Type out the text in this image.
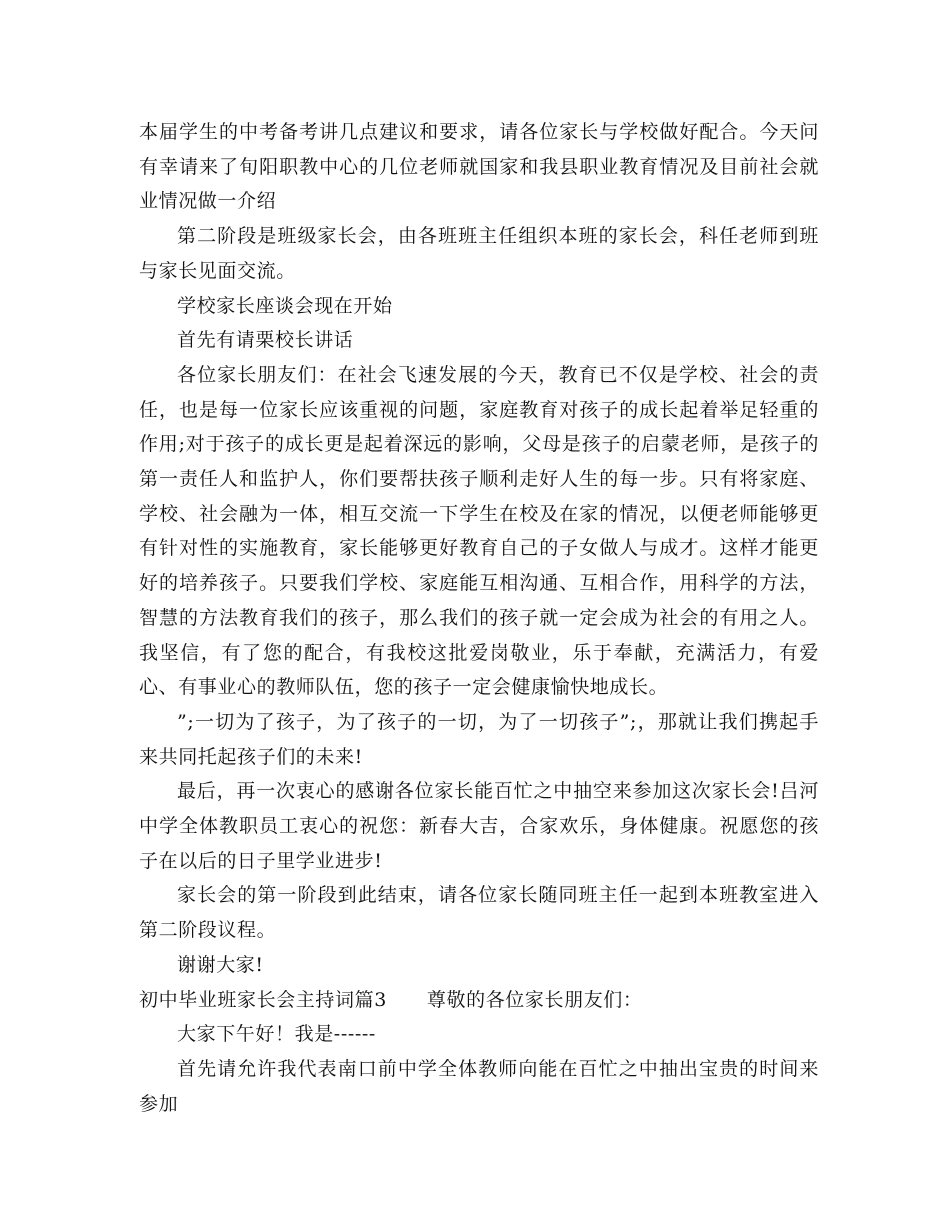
本届学生的中考备考讲几点建议和要求，请各位家长与学校做好配合。今天问有幸请来了旬阳职教中心的几位老师就国家和我县职业教育情况及目前社会就业情况做一介绍

第二阶段是班级家长会，由各班班主任组织本班的家长会，科任老师到班与家长见面交流。

学校家长座谈会现在开始

首先有请栗校长讲话

各位家长朋友们：在社会飞速发展的今天，教育已不仅是学校、社会的责任，也是每一位家长应该重视的问题，家庭教育对孩子的成长起着举足轻重的作用;对于孩子的成长更是起着深远的影响，父母是孩子的启蒙老师，是孩子的第一责任人和监护人，你们要帮扶孩子顺利走好人生的每一步。只有将家庭、学校、社会融为一体，相互交流一下学生在校及在家的情况，以便老师能够更有针对性的实施教育，家长能够更好教育自己的子女做人与成才。这样才能更好的培养孩子。只要我们学校、家庭能互相沟通、互相合作，用科学的方法，智慧的方法教育我们的孩子，那么我们的孩子就一定会成为社会的有用之人。我坚信，有了您的配合，有我校这批爱岗敬业，乐于奉献，充满活力，有爱心、有事业心的教师队伍，您的孩子一定会健康愉快地成长。

”;一切为了孩子，为了孩子的一切，为了一切孩子”;，那就让我们携起手来共同托起孩子们的未来!

最后，再一次衷心的感谢各位家长能百忙之中抽空来参加这次家长会!吕河中学全体教职员工衷心的祝您：新春大吉，合家欢乐，身体健康。祝愿您的孩子在以后的日子里学业进步!

家长会的第一阶段到此结束，请各位家长随同班主任一起到本班教室进入第二阶段议程。

谢谢大家!

初中毕业班家长会主持词篇3 尊敬的各位家长朋友们：

大家下午好！我是------

首先请允许我代表南口前中学全体教师向能在百忙之中抽出宝贵的时间来参加
